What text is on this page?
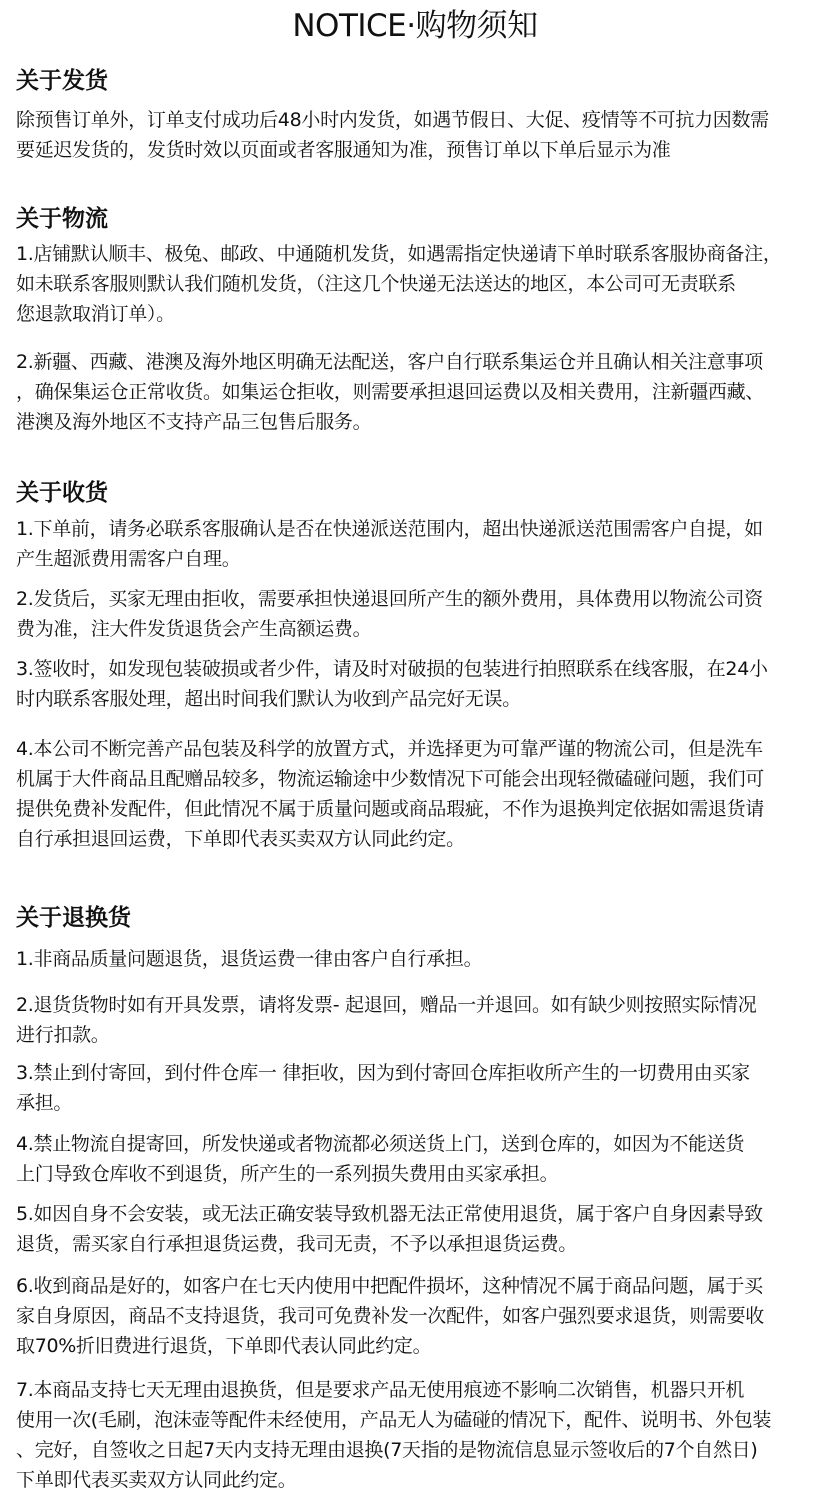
NOTICE·购物须知
关于发货
除预售订单外，订单支付成功后48小时内发货，如遇节假日、大促、疫情等不可抗力因数需
要延迟发货的，发货时效以页面或者客服通知为准，预售订单以下单后显示为准
关于物流
1.店铺默认顺丰、极兔、邮政、中通随机发货，如遇需指定快递请下单时联系客服协商备注，
如未联系客服则默认我们随机发货，（注这几个快递无法送达的地区，本公司可无责联系
您退款取消订单）。
2.新疆、西藏、港澳及海外地区明确无法配送，客户自行联系集运仓并且确认相关注意事项
，确保集运仓正常收货。如集运仓拒收，则需要承担退回运费以及相关费用，注新疆西藏、
港澳及海外地区不支持产品三包售后服务。
关于收货
1.下单前，请务必联系客服确认是否在快递派送范围内，超出快递派送范围需客户自提，如
产生超派费用需客户自理。
2.发货后，买家无理由拒收，需要承担快递退回所产生的额外费用，具体费用以物流公司资
费为准，注大件发货退货会产生高额运费。
3.签收时，如发现包装破损或者少件，请及时对破损的包装进行拍照联系在线客服，在24小
时内联系客服处理，超出时间我们默认为收到产品完好无误。
4.本公司不断完善产品包装及科学的放置方式，并选择更为可靠严谨的物流公司，但是洗车
机属于大件商品且配赠品较多，物流运输途中少数情况下可能会出现轻微磕碰问题，我们可
提供免费补发配件，但此情况不属于质量问题或商品瑕疵，不作为退换判定依据如需退货请
自行承担退回运费，下单即代表买卖双方认同此约定。
关于退换货
1.非商品质量问题退货，退货运费一律由客户自行承担。
2.退货货物时如有开具发票，请将发票- 起退回，赠品一并退回。如有缺少则按照实际情况
进行扣款。
3.禁止到付寄回，到付件仓库一 律拒收，因为到付寄回仓库拒收所产生的一切费用由买家
承担。
4.禁止物流自提寄回，所发快递或者物流都必须送货上门，送到仓库的，如因为不能送货
上门导致仓库收不到退货，所产生的一系列损失费用由买家承担。
5.如因自身不会安装，或无法正确安装导致机器无法正常使用退货，属于客户自身因素导致
退货，需买家自行承担退货运费，我司无责，不予以承担退货运费。
6.收到商品是好的，如客户在七天内使用中把配件损坏，这种情况不属于商品问题，属于买
家自身原因，商品不支持退货，我司可免费补发一次配件，如客户强烈要求退货，则需要收
取70%折旧费进行退货，下单即代表认同此约定。
7.本商品支持七天无理由退换货，但是要求产品无使用痕迹不影响二次销售，机器只开机
使用一次(毛刷，泡沫壶等配件未经使用，产品无人为磕碰的情况下，配件、说明书、外包装
、完好，自签收之日起7天内支持无理由退换(7天指的是物流信息显示签收后的7个自然日)
下单即代表买卖双方认同此约定。
